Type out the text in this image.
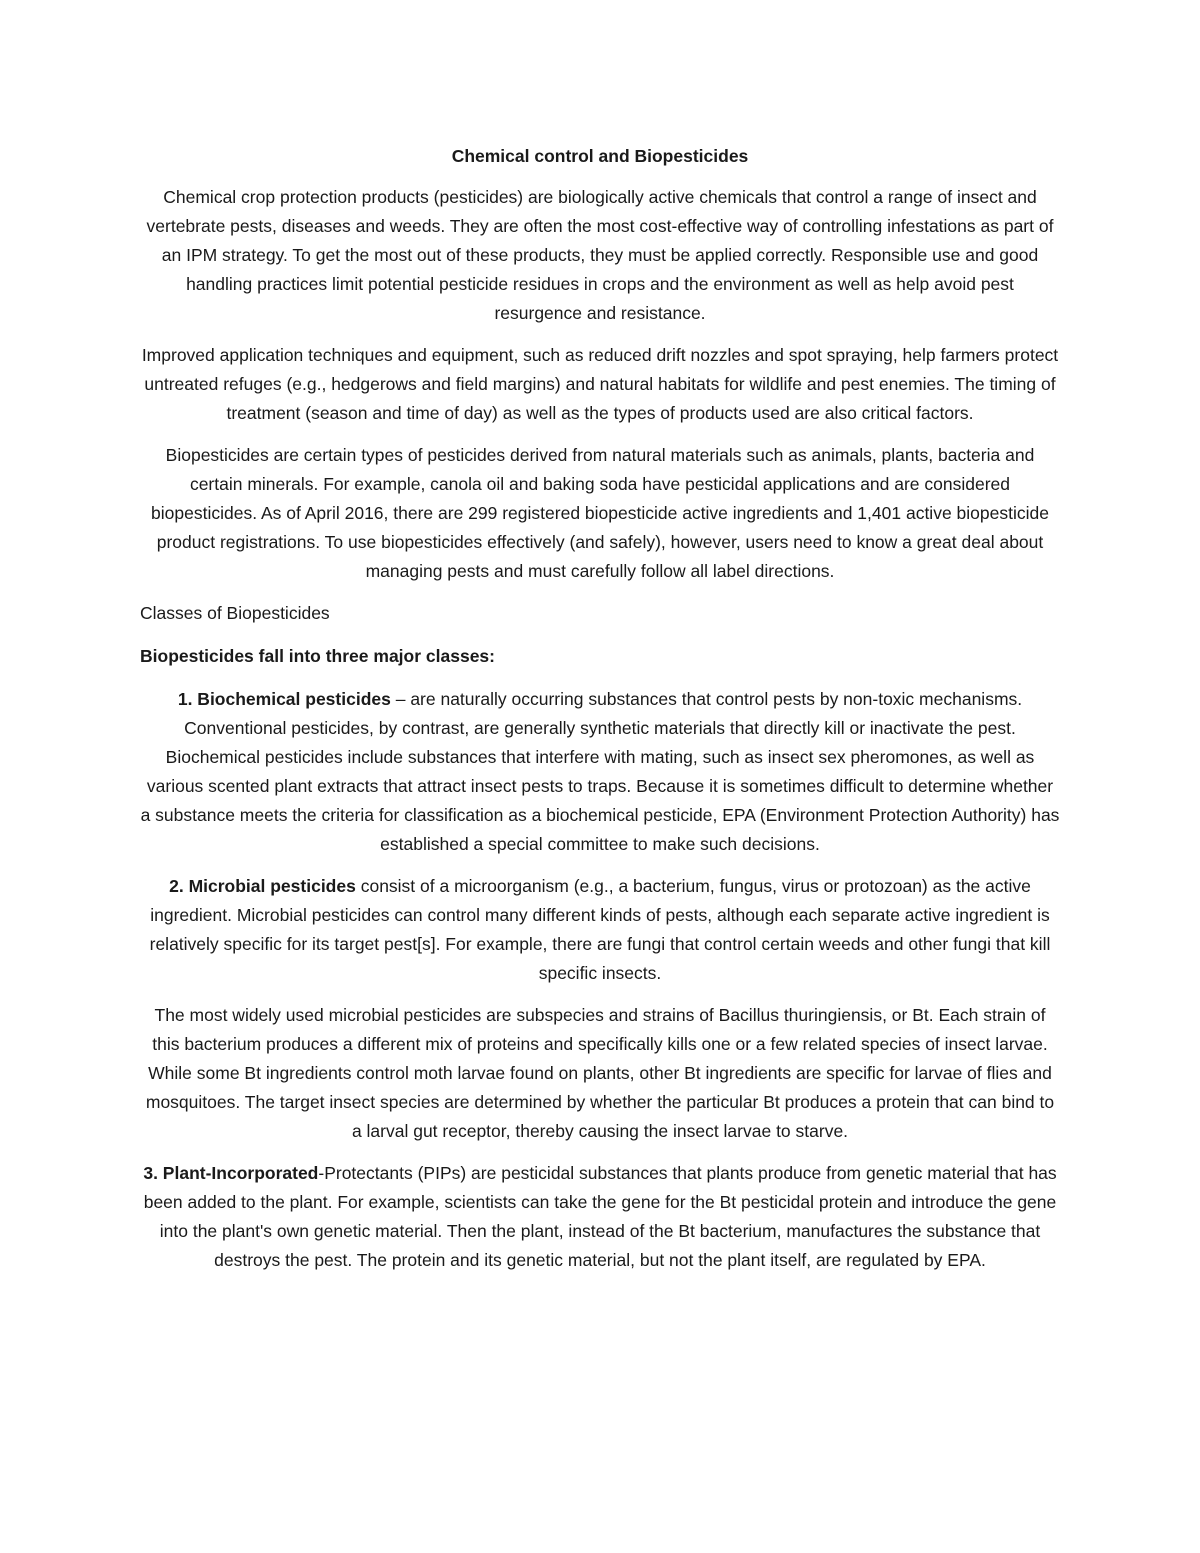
Chemical control and Biopesticides

Chemical crop protection products (pesticides) are biologically active chemicals that control a range of insect and vertebrate pests, diseases and weeds. They are often the most cost-effective way of controlling infestations as part of an IPM strategy. To get the most out of these products, they must be applied correctly. Responsible use and good handling practices limit potential pesticide residues in crops and the environment as well as help avoid pest resurgence and resistance.

Improved application techniques and equipment, such as reduced drift nozzles and spot spraying, help farmers protect untreated refuges (e.g., hedgerows and field margins) and natural habitats for wildlife and pest enemies. The timing of treatment (season and time of day) as well as the types of products used are also critical factors.

Biopesticides are certain types of pesticides derived from natural materials such as animals, plants, bacteria and certain minerals. For example, canola oil and baking soda have pesticidal applications and are considered biopesticides. As of April 2016, there are 299 registered biopesticide active ingredients and 1,401 active biopesticide product registrations. To use biopesticides effectively (and safely), however, users need to know a great deal about managing pests and must carefully follow all label directions.

Classes of Biopesticides

Biopesticides fall into three major classes:

1. Biochemical pesticides – are naturally occurring substances that control pests by non-toxic mechanisms. Conventional pesticides, by contrast, are generally synthetic materials that directly kill or inactivate the pest. Biochemical pesticides include substances that interfere with mating, such as insect sex pheromones, as well as various scented plant extracts that attract insect pests to traps. Because it is sometimes difficult to determine whether a substance meets the criteria for classification as a biochemical pesticide, EPA (Environment Protection Authority) has established a special committee to make such decisions.

2. Microbial pesticides consist of a microorganism (e.g., a bacterium, fungus, virus or protozoan) as the active ingredient. Microbial pesticides can control many different kinds of pests, although each separate active ingredient is relatively specific for its target pest[s]. For example, there are fungi that control certain weeds and other fungi that kill specific insects.

The most widely used microbial pesticides are subspecies and strains of Bacillus thuringiensis, or Bt. Each strain of this bacterium produces a different mix of proteins and specifically kills one or a few related species of insect larvae. While some Bt ingredients control moth larvae found on plants, other Bt ingredients are specific for larvae of flies and mosquitoes. The target insect species are determined by whether the particular Bt produces a protein that can bind to a larval gut receptor, thereby causing the insect larvae to starve.

3. Plant-Incorporated-Protectants (PIPs) are pesticidal substances that plants produce from genetic material that has been added to the plant. For example, scientists can take the gene for the Bt pesticidal protein and introduce the gene into the plant's own genetic material. Then the plant, instead of the Bt bacterium, manufactures the substance that destroys the pest. The protein and its genetic material, but not the plant itself, are regulated by EPA.
